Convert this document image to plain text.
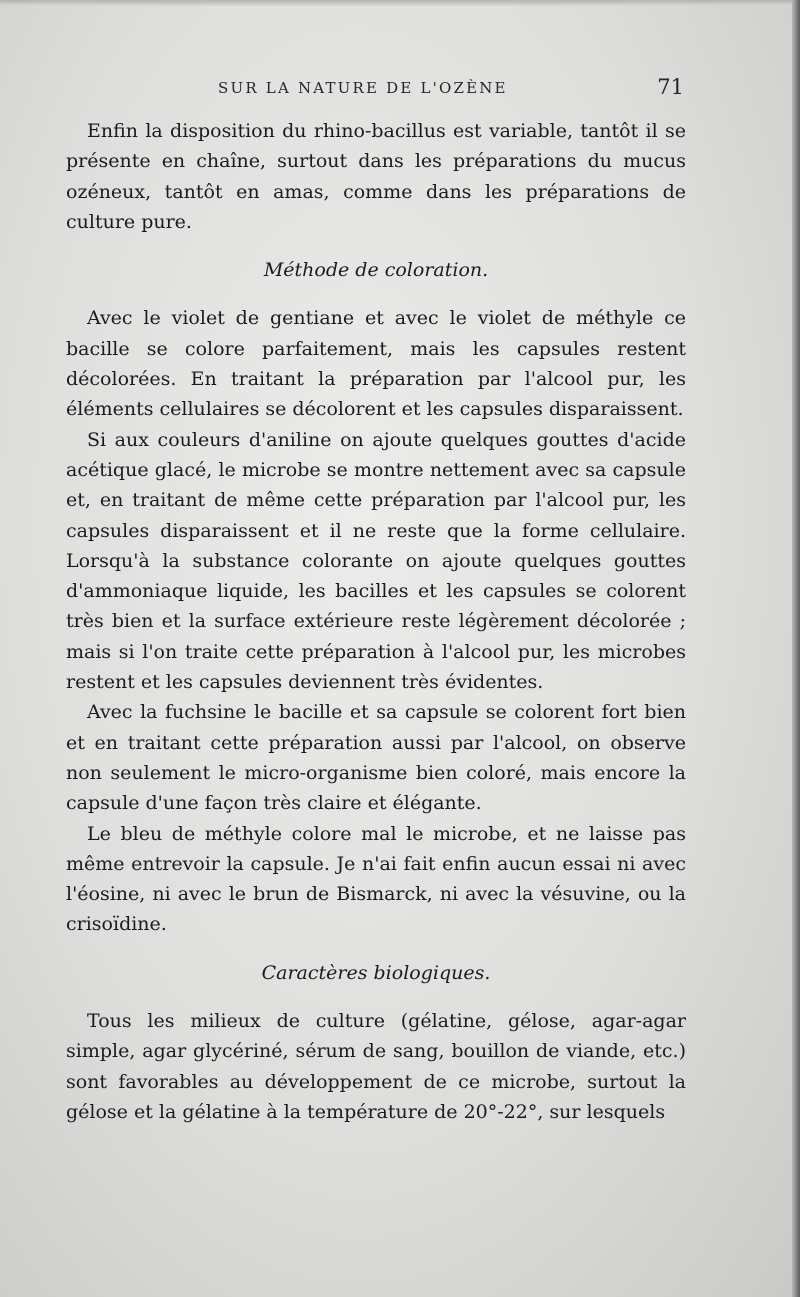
SUR LA NATURE DE L'OZÈNE	71

Enfin la disposition du rhino-bacillus est variable, tantôt il se présente en chaîne, surtout dans les préparations du mucus ozéneux, tantôt en amas, comme dans les préparations de culture pure.

Méthode de coloration.

Avec le violet de gentiane et avec le violet de méthyle ce bacille se colore parfaitement, mais les capsules restent décolorées. En traitant la préparation par l'alcool pur, les éléments cellulaires se décolorent et les capsules disparaissent.

Si aux couleurs d'aniline on ajoute quelques gouttes d'acide acétique glacé, le microbe se montre nettement avec sa capsule et, en traitant de même cette préparation par l'alcool pur, les capsules disparaissent et il ne reste que la forme cellulaire. Lorsqu'à la substance colorante on ajoute quelques gouttes d'ammoniaque liquide, les bacilles et les capsules se colorent très bien et la surface extérieure reste légèrement décolorée ; mais si l'on traite cette préparation à l'alcool pur, les microbes restent et les capsules deviennent très évidentes.

Avec la fuchsine le bacille et sa capsule se colorent fort bien et en traitant cette préparation aussi par l'alcool, on observe non seulement le micro-organisme bien coloré, mais encore la capsule d'une façon très claire et élégante.

Le bleu de méthyle colore mal le microbe, et ne laisse pas même entrevoir la capsule. Je n'ai fait enfin aucun essai ni avec l'éosine, ni avec le brun de Bismarck, ni avec la vésuvine, ou la crisoïdine.

Caractères biologiques.

Tous les milieux de culture (gélatine, gélose, agar-agar simple, agar glycériné, sérum de sang, bouillon de viande, etc.) sont favorables au développement de ce microbe, surtout la gélose et la gélatine à la température de 20°-22°, sur lesquels
